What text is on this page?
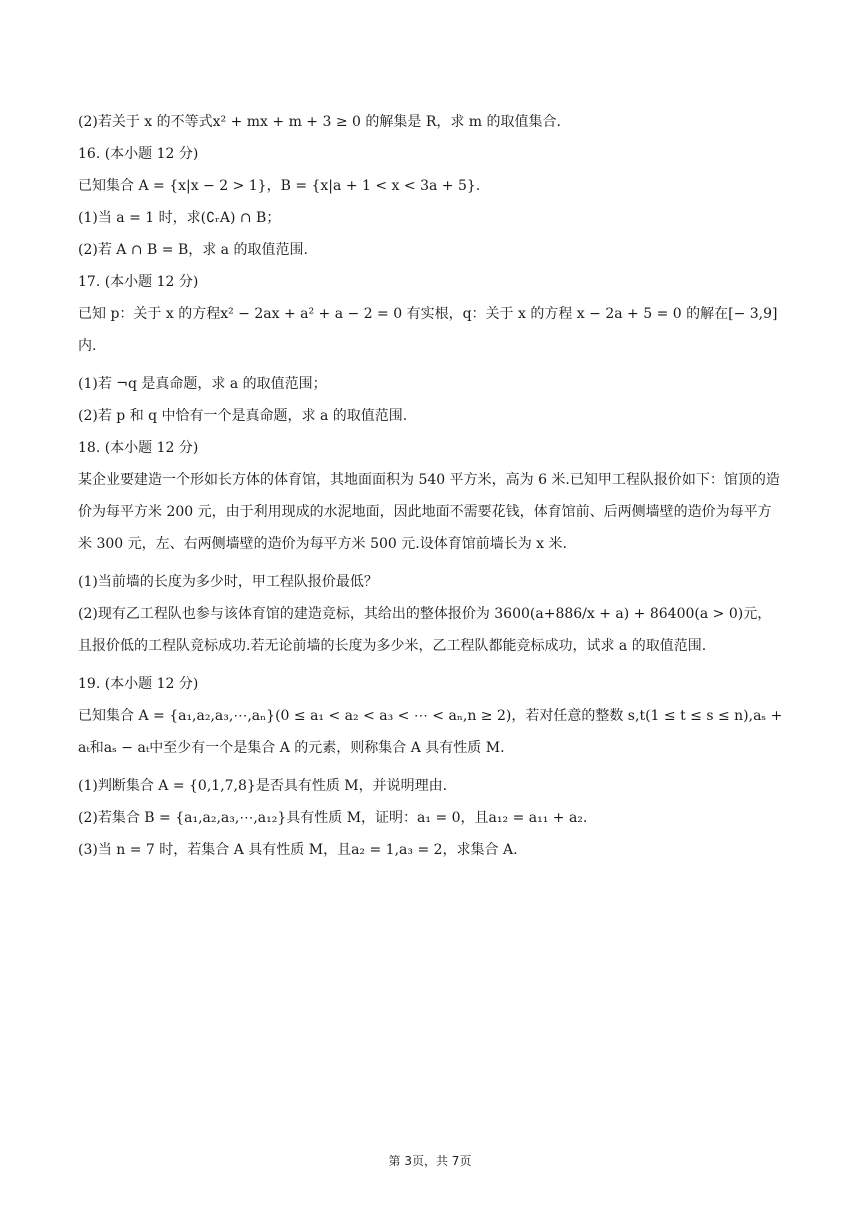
(2)若关于 x 的不等式x² + mx + m + 3 ≥ 0 的解集是 R，求 m 的取值集合.
16. (本小题 12 分)
已知集合 A = {x|x − 2 > 1}，B = {x|a + 1 < x < 3a + 5}.
(1)当 a = 1 时，求(∁ᵣA) ∩ B；
(2)若 A ∩ B = B，求 a 的取值范围.
17. (本小题 12 分)
已知 p：关于 x 的方程x² − 2ax + a² + a − 2 = 0 有实根，q：关于 x 的方程 x − 2a + 5 = 0 的解在[− 3,9]内.
(1)若 ¬q 是真命题，求 a 的取值范围；
(2)若 p 和 q 中恰有一个是真命题，求 a 的取值范围.
18. (本小题 12 分)
某企业要建造一个形如长方体的体育馆，其地面面积为 540 平方米，高为 6 米.已知甲工程队报价如下：馆顶的造价为每平方米 200 元，由于利用现成的水泥地面，因此地面不需要花钱，体育馆前、后两侧墙壁的造价为每平方米 300 元，左、右两侧墙壁的造价为每平方米 500 元.设体育馆前墙长为 x 米.
(1)当前墙的长度为多少时，甲工程队报价最低？
(2)现有乙工程队也参与该体育馆的建造竞标，其给出的整体报价为 3600(a+886/x + a) + 86400(a > 0)元，且报价低的工程队竞标成功.若无论前墙的长度为多少米，乙工程队都能竞标成功，试求 a 的取值范围.
19. (本小题 12 分)
已知集合 A = {a₁,a₂,a₃,⋯,aₙ}(0 ≤ a₁ < a₂ < a₃ < ⋯ < aₙ,n ≥ 2)，若对任意的整数 s,t(1 ≤ t ≤ s ≤ n),aₛ + aₜ和aₛ − aₜ中至少有一个是集合 A 的元素，则称集合 A 具有性质 M.
(1)判断集合 A = {0,1,7,8}是否具有性质 M，并说明理由.
(2)若集合 B = {a₁,a₂,a₃,⋯,a₁₂}具有性质 M，证明：a₁ = 0，且a₁₂ = a₁₁ + a₂.
(3)当 n = 7 时，若集合 A 具有性质 M，且a₂ = 1,a₃ = 2，求集合 A.
第 3页，共 7页
